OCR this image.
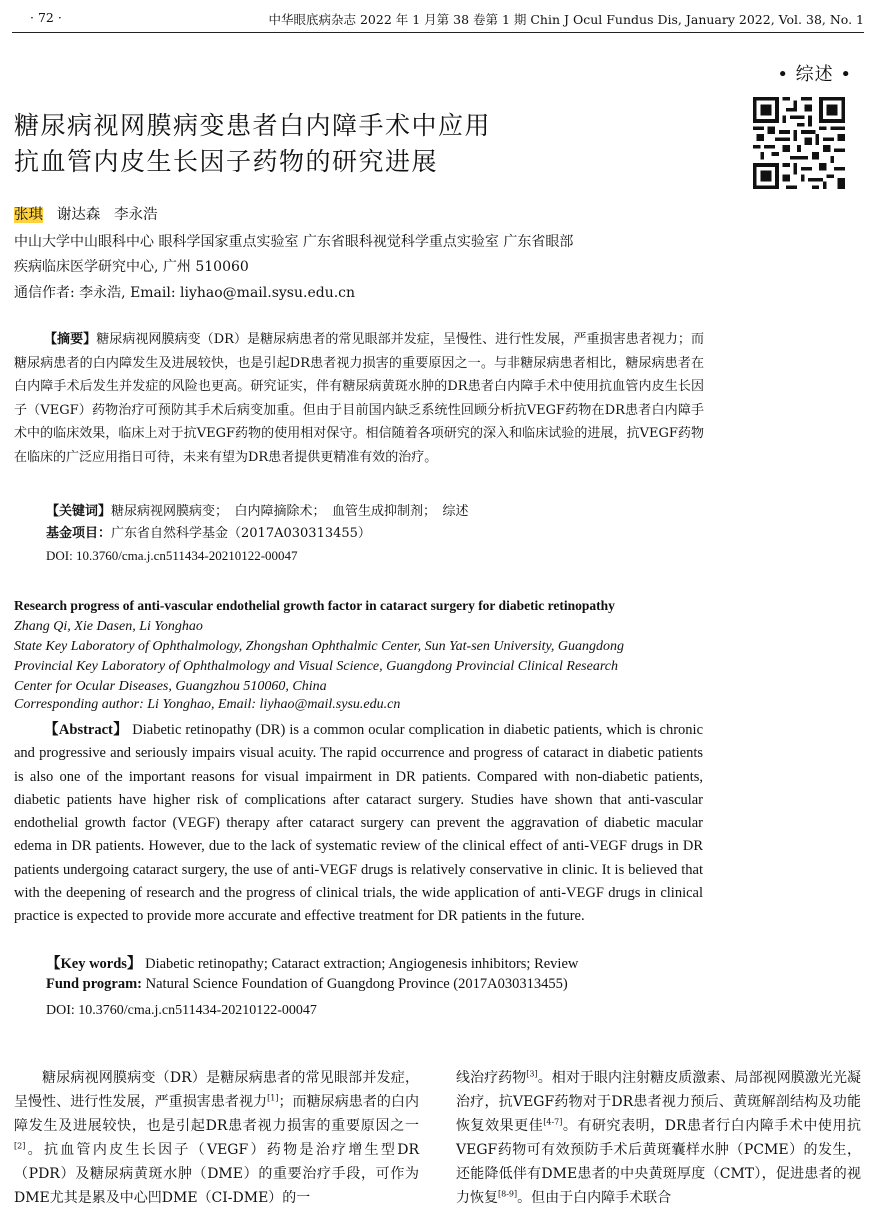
· 72 ·	中华眼底病杂志 2022 年 1 月第 38 卷第 1 期 Chin J Ocul Fundus Dis, January 2022, Vol. 38, No. 1
• 综述 •
糖尿病视网膜病变患者白内障手术中应用
抗血管内皮生长因子药物的研究进展
张琪 谢达森 李永浩
中山大学中山眼科中心 眼科学国家重点实验室 广东省眼科视觉科学重点实验室 广东省眼部
疾病临床医学研究中心, 广州 510060
通信作者: 李永浩, Email: liyhao@mail.sysu.edu.cn
【摘要】糖尿病视网膜病变（DR）是糖尿病患者的常见眼部并发症，呈慢性、进行性发展，严重损害患者视力；而糖尿病患者的白内障发生及进展较快，也是引起DR患者视力损害的重要原因之一。与非糖尿病患者相比，糖尿病患者在白内障手术后发生并发症的风险也更高。研究证实，伴有糖尿病黄斑水肿的DR患者白内障手术中使用抗血管内皮生长因子（VEGF）药物治疗可预防其手术后病变加重。但由于目前国内缺乏系统性回顾分析抗VEGF药物在DR患者白内障手术中的临床效果，临床上对于抗VEGF药物的使用相对保守。相信随着各项研究的深入和临床试验的进展，抗VEGF药物在临床的广泛应用指日可待，未来有望为DR患者提供更精准有效的治疗。
【关键词】糖尿病视网膜病变；　白内障摘除术；　血管生成抑制剂；　综述
基金项目：广东省自然科学基金（2017A030313455）
DOI: 10.3760/cma.j.cn511434-20210122-00047
Research progress of anti-vascular endothelial growth factor in cataract surgery for diabetic retinopathy
Zhang Qi, Xie Dasen, Li Yonghao
State Key Laboratory of Ophthalmology, Zhongshan Ophthalmic Center, Sun Yat-sen University, Guangdong
Provincial Key Laboratory of Ophthalmology and Visual Science, Guangdong Provincial Clinical Research
Center for Ocular Diseases, Guangzhou 510060, China
Corresponding author: Li Yonghao, Email: liyhao@mail.sysu.edu.cn
【Abstract】 Diabetic retinopathy (DR) is a common ocular complication in diabetic patients, which is chronic and progressive and seriously impairs visual acuity. The rapid occurrence and progress of cataract in diabetic patients is also one of the important reasons for visual impairment in DR patients. Compared with non-diabetic patients, diabetic patients have higher risk of complications after cataract surgery. Studies have shown that anti-vascular endothelial growth factor (VEGF) therapy after cataract surgery can prevent the aggravation of diabetic macular edema in DR patients. However, due to the lack of systematic review of the clinical effect of anti-VEGF drugs in DR patients undergoing cataract surgery, the use of anti-VEGF drugs is relatively conservative in clinic. It is believed that with the deepening of research and the progress of clinical trials, the wide application of anti-VEGF drugs in clinical practice is expected to provide more accurate and effective treatment for DR patients in the future.
【Key words】 Diabetic retinopathy; Cataract extraction; Angiogenesis inhibitors; Review
Fund program: Natural Science Foundation of Guangdong Province (2017A030313455)
DOI: 10.3760/cma.j.cn511434-20210122-00047
糖尿病视网膜病变（DR）是糖尿病患者的常见眼部并发症，呈慢性、进行性发展，严重损害患者视力[1]；而糖尿病患者的白内障发生及进展较快，也是引起DR患者视力损害的重要原因之一[2]。抗血管内皮生长因子（VEGF）药物是治疗增生型DR（PDR）及糖尿病黄斑水肿（DME）的重要治疗手段，可作为DME尤其是累及中心凹DME（CI-DME）的一
线治疗药物[3]。相对于眼内注射糖皮质激素、局部视网膜激光光凝治疗，抗VEGF药物对于DR患者视力预后、黄斑解剖结构及功能恢复效果更佳[4-7]。有研究表明，DR患者行白内障手术中使用抗VEGF药物可有效预防手术后黄斑囊样水肿（PCME）的发生，还能降低伴有DME患者的中央黄斑厚度（CMT），促进患者的视力恢复[8-9]。但由于白内障手术联合
